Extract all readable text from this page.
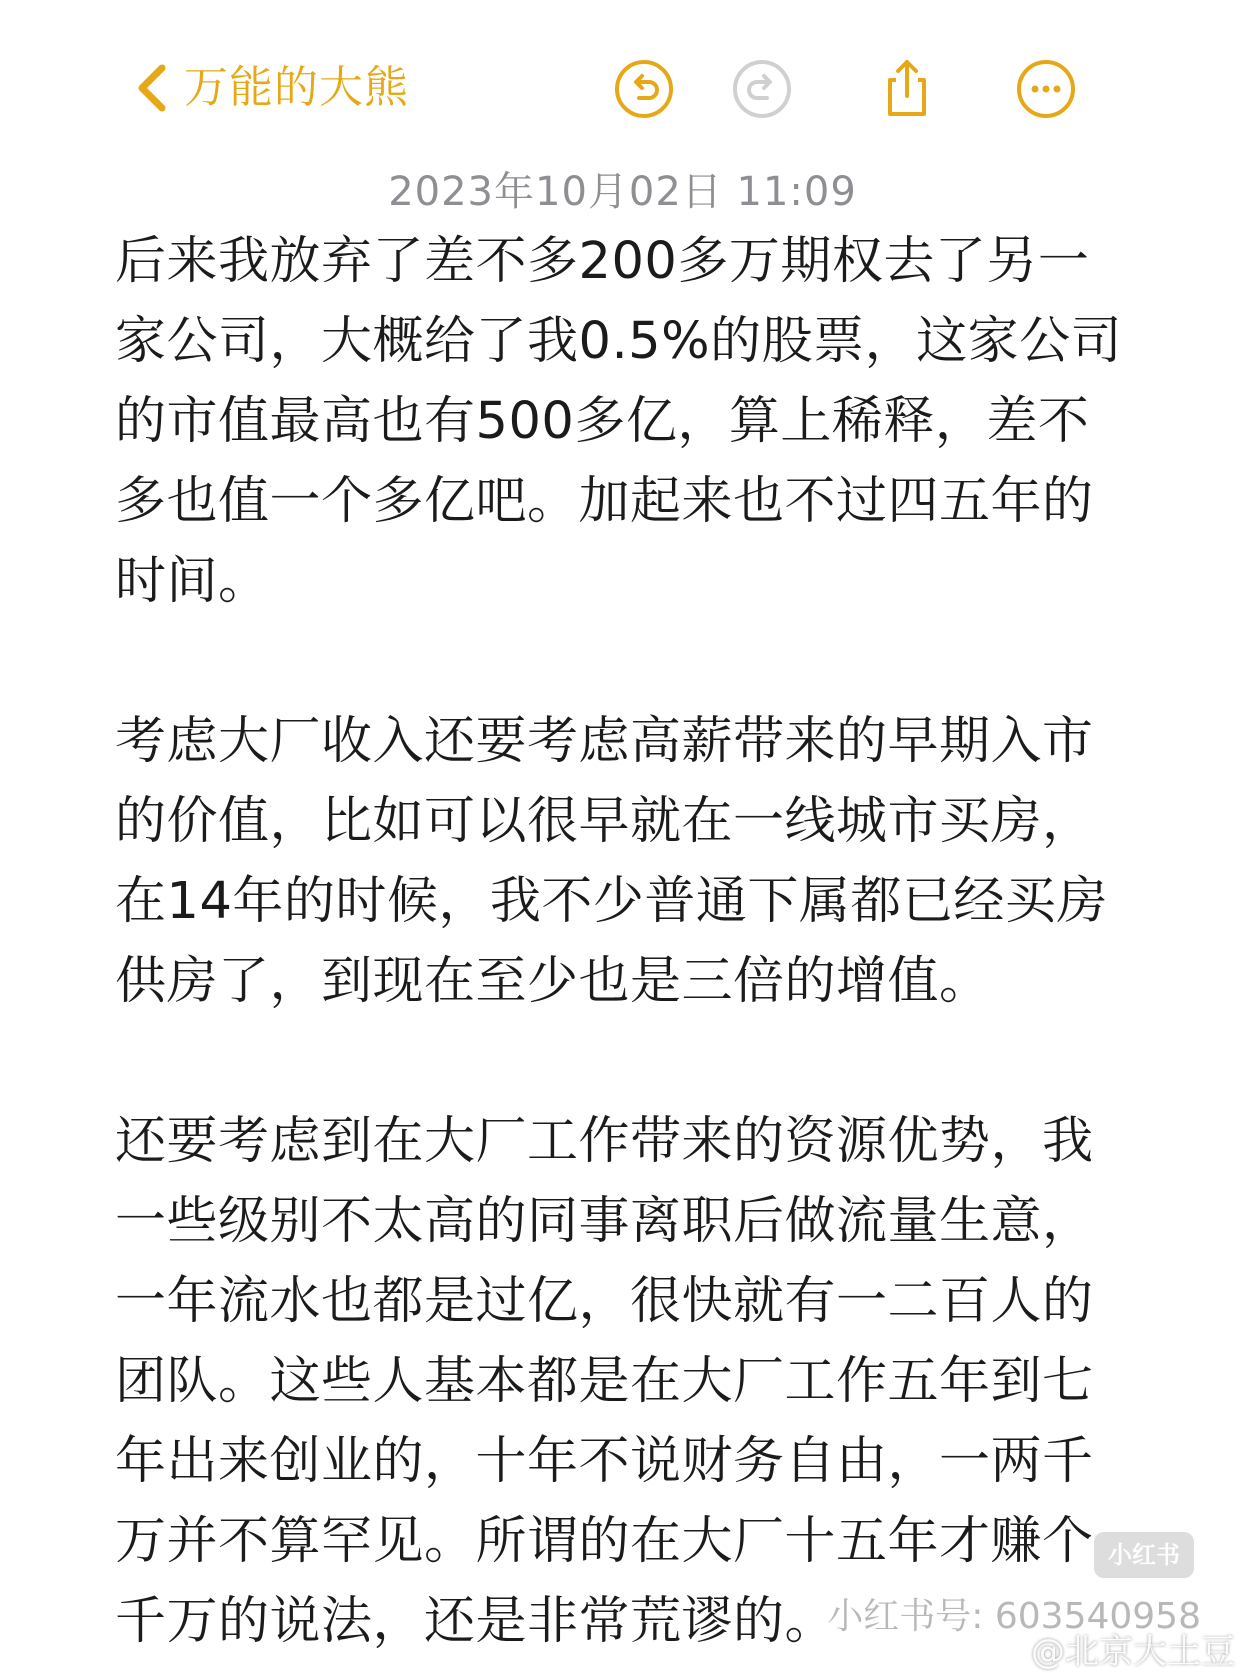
万能的大熊
2023年10月02日 11:09

后来我放弃了差不多200多万期权去了另一家公司，大概给了我0.5%的股票，这家公司的市值最高也有500多亿，算上稀释，差不多也值一个多亿吧。加起来也不过四五年的时间。

考虑大厂收入还要考虑高薪带来的早期入市的价值，比如可以很早就在一线城市买房，在14年的时候，我不少普通下属都已经买房供房了，到现在至少也是三倍的增值。

还要考虑到在大厂工作带来的资源优势，我一些级别不太高的同事离职后做流量生意，一年流水也都是过亿，很快就有一二百人的团队。这些人基本都是在大厂工作五年到七年出来创业的，十年不说财务自由，一两千万并不算罕见。所谓的在大厂十五年才赚个千万的说法，还是非常荒谬的。

小红书
小红书号: 603540958
@北京大土豆
